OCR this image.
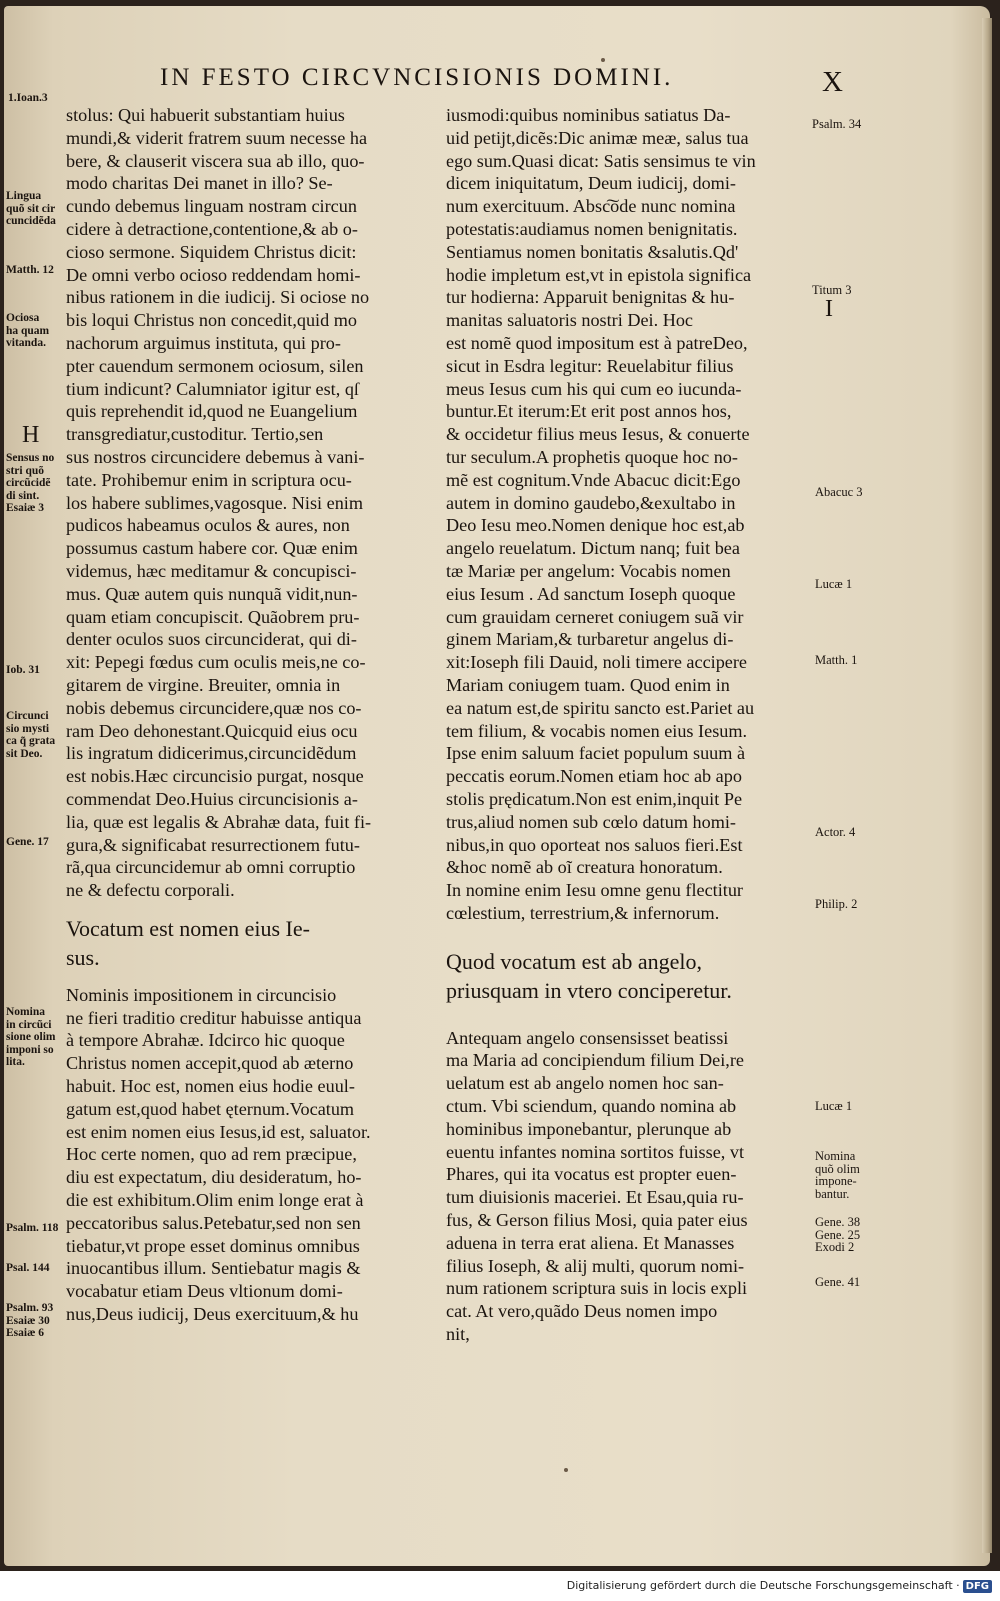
IN FESTO CIRCVNCISIONIS DOMINI.	X
H
I
stolus: Qui habuerit substantiam huius
mundi,& viderit fratrem suum necesse ha
bere, & clauserit viscera sua ab illo, quo-
modo charitas Dei manet in illo? Se-
cundo debemus linguam nostram circun
cidere à detractione,contentione,& ab o-
cioso sermone. Siquidem Christus dicit:
De omni verbo ocioso reddendam homi-
nibus rationem in die iudicij. Si ociose no
bis loqui Christus non concedit,quid mo
nachorum arguimus instituta, qui pro-
pter cauendum sermonem ociosum, silen
tium indicunt? Calumniator igitur est, qſ
quis reprehendit id,quod ne Euangelium
transgrediatur,custoditur. Tertio,sen
sus nostros circuncidere debemus à vani-
tate. Prohibemur enim in scriptura ocu-
los habere sublimes,vagosque. Nisi enim
pudicos habeamus oculos & aures, non
possumus castum habere cor. Quæ enim
videmus, hæc meditamur & concupisci-
mus. Quæ autem quis nunquã vidit,nun-
quam etiam concupiscit. Quãobrem pru-
denter oculos suos circunciderat, qui di-
xit: Pepegi fœdus cum oculis meis,ne co-
gitarem de virgine. Breuiter, omnia in
nobis debemus circuncidere,quæ nos co-
ram Deo dehonestant.Quicquid eius ocu
lis ingratum didicerimus,circuncidẽdum
est nobis.Hæc circuncisio purgat, nosque
commendat Deo.Huius circuncisionis a-
lia, quæ est legalis & Abrahæ data, fuit fi-
gura,& significabat resurrectionem futu-
rã,qua circuncidemur ab omni corruptio
ne & defectu corporali.
Vocatum est nomen eius Ie-
sus.
Nominis impositionem in circuncisio
ne fieri traditio creditur habuisse antiqua
à tempore Abrahæ. Idcirco hic quoque
Christus nomen accepit,quod ab æterno
habuit. Hoc est, nomen eius hodie euul-
gatum est,quod habet ęternum.Vocatum
est enim nomen eius Iesus,id est, saluator.
Hoc certe nomen, quo ad rem præcipue,
diu est expectatum, diu desideratum, ho-
die est exhibitum.Olim enim longe erat à
peccatoribus salus.Petebatur,sed non sen
tiebatur,vt prope esset dominus omnibus
inuocantibus illum. Sentiebatur magis &
vocabatur etiam Deus vltionum domi-
nus,Deus iudicij, Deus exercituum,& hu
iusmodi:quibus nominibus satiatus Da-
uid petijt,dicẽs:Dic animæ meæ, salus tua
ego sum.Quasi dicat: Satis sensimus te vin
dicem iniquitatum, Deum iudicij, domi-
num exercituum. Absc͠ode nunc nomina
potestatis:audiamus nomen benignitatis.
Sentiamus nomen bonitatis &salutis.Qd'
hodie impletum est,vt in epistola significa
tur hodierna: Apparuit benignitas & hu-
manitas saluatoris nostri Dei. Hoc
est nomẽ quod impositum est à patreDeo,
sicut in Esdra legitur: Reuelabitur filius
meus Iesus cum his qui cum eo iucunda-
buntur.Et iterum:Et erit post annos hos,
& occidetur filius meus Iesus, & conuerte
tur seculum.A prophetis quoque hoc no-
mẽ est cognitum.Vnde Abacuc dicit:Ego
autem in domino gaudebo,&exultabo in
Deo Iesu meo.Nomen denique hoc est,ab
angelo reuelatum. Dictum nanq; fuit bea
tæ Mariæ per angelum: Vocabis nomen
eius Iesum . Ad sanctum Ioseph quoque
cum grauidam cerneret coniugem suã vir
ginem Mariam,& turbaretur angelus di-
xit:Ioseph fili Dauid, noli timere accipere
Mariam coniugem tuam. Quod enim in
ea natum est,de spiritu sancto est.Pariet au
tem filium, & vocabis nomen eius Iesum.
Ipse enim saluum faciet populum suum à
peccatis eorum.Nomen etiam hoc ab apo
stolis prędicatum.Non est enim,inquit Pe
trus,aliud nomen sub cœlo datum homi-
nibus,in quo oporteat nos saluos fieri.Est
&hoc nomẽ ab oĩ creatura honoratum.
In nomine enim Iesu omne genu flectitur
cœlestium, terrestrium,& infernorum.
Quod vocatum est ab angelo,
priusquam in vtero conciperetur.
Antequam angelo consensisset beatissi
ma Maria ad concipiendum filium Dei,re
uelatum est ab angelo nomen hoc san-
ctum. Vbi sciendum, quando nomina ab
hominibus imponebantur, plerunque ab
euentu infantes nomina sortitos fuisse, vt
Phares, qui ita vocatus est propter euen-
tum diuisionis maceriei. Et Esau,quia ru-
fus, & Gerson filius Mosi, quia pater eius
aduena in terra erat aliena. Et Manasses
filius Ioseph, & alij multi, quorum nomi-
num rationem scriptura suis in locis expli
cat. At vero,quãdo Deus nomen impo
nit,
1.Ioan.3
Lingua
quõ sit cir
cuncidẽda
Matth. 12
Ociosa
ha quam
vitanda.
Sensus no
stri quõ
circũcidẽ
di sint.
Esaiæ 3
Iob. 31
Circunci
sio mysti
ca q̃ grata
sit Deo.
Gene. 17
Nomina
in circũci
sione olim
imponi so
lita.
Psalm. 118
Psal. 144
Psalm. 93
Esaiæ 30
Esaiæ 6
Psalm. 34
Titum 3
Abacuc 3
Lucæ 1
Matth. 1
Actor. 4
Philip. 2
Lucæ 1
Nomina
quõ olim
impone-
bantur.
Gene. 38
Gene. 25
Exodi 2
Gene. 41
Digitalisierung gefördert durch die Deutsche Forschungsgemeinschaft · DFG
